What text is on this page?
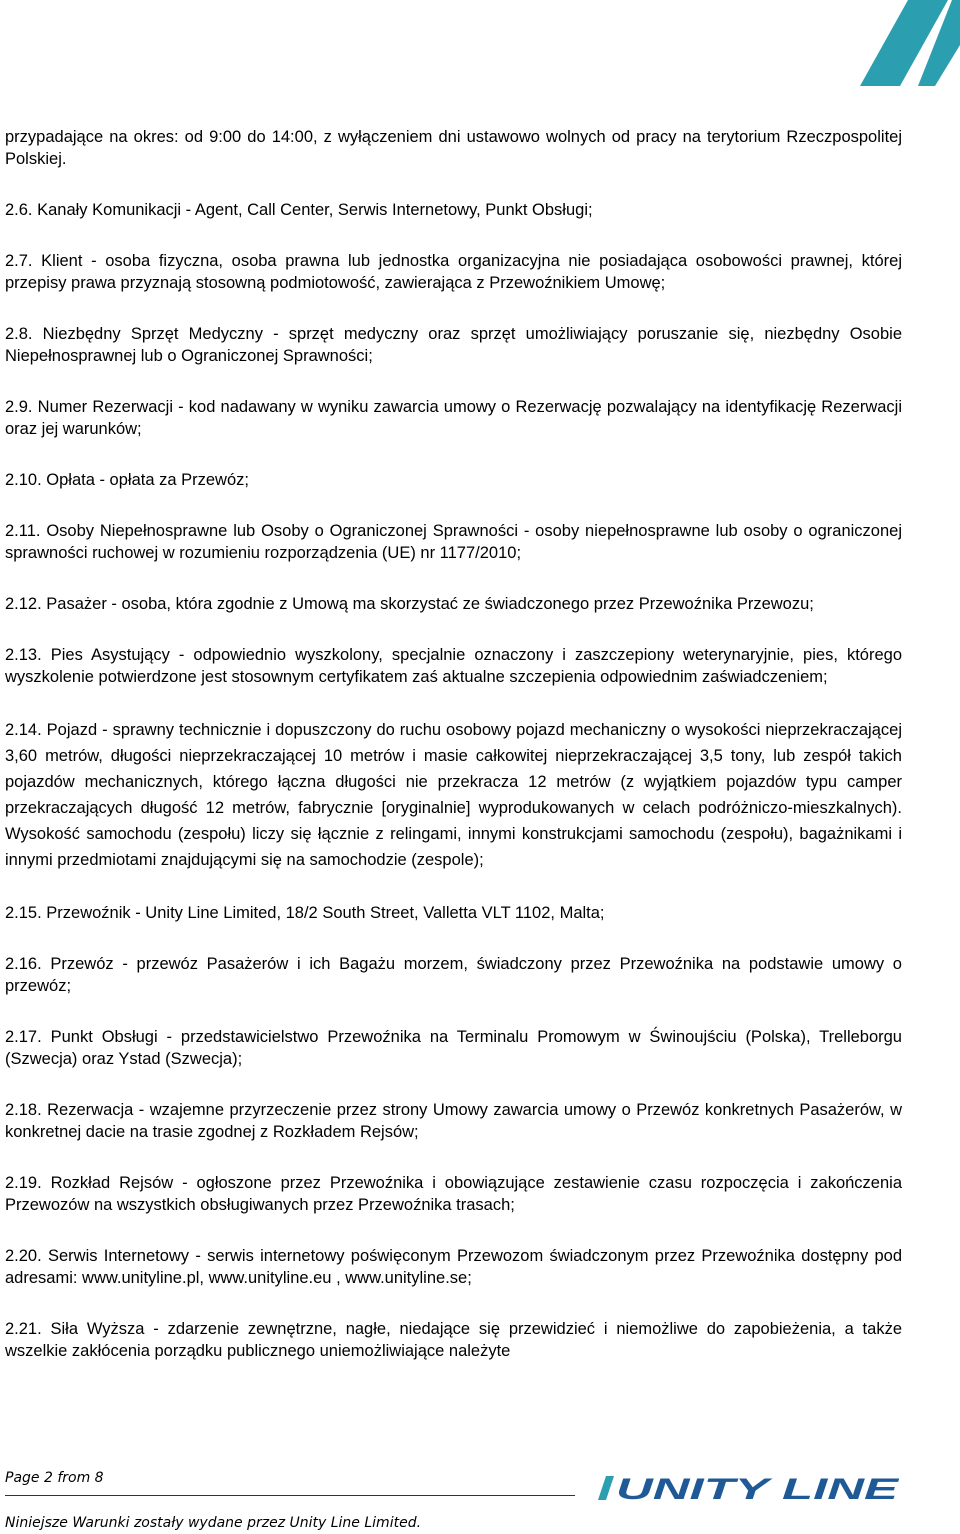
przypadające na okres: od 9:00 do 14:00, z wyłączeniem dni ustawowo wolnych od pracy na terytorium Rzeczpospolitej Polskiej.

2.6. Kanały Komunikacji - Agent, Call Center, Serwis Internetowy, Punkt Obsługi;

2.7. Klient - osoba fizyczna, osoba prawna lub jednostka organizacyjna nie posiadająca osobowości prawnej, której przepisy prawa przyznają stosowną podmiotowość, zawierająca z Przewoźnikiem Umowę;

2.8. Niezbędny Sprzęt Medyczny - sprzęt medyczny oraz sprzęt umożliwiający poruszanie się, niezbędny Osobie Niepełnosprawnej lub o Ograniczonej Sprawności;

2.9. Numer Rezerwacji - kod nadawany w wyniku zawarcia umowy o Rezerwację pozwalający na identyfikację Rezerwacji oraz jej warunków;

2.10. Opłata - opłata za Przewóz;

2.11. Osoby Niepełnosprawne lub Osoby o Ograniczonej Sprawności - osoby niepełnosprawne lub osoby o ograniczonej sprawności ruchowej w rozumieniu rozporządzenia (UE) nr 1177/2010;

2.12. Pasażer - osoba, która zgodnie z Umową ma skorzystać ze świadczonego przez Przewoźnika Przewozu;

2.13. Pies Asystujący - odpowiednio wyszkolony, specjalnie oznaczony i zaszczepiony weterynaryjnie, pies, którego wyszkolenie potwierdzone jest stosownym certyfikatem zaś aktualne szczepienia odpowiednim zaświadczeniem;

2.14. Pojazd - sprawny technicznie i dopuszczony do ruchu osobowy pojazd mechaniczny o wysokości nieprzekraczającej 3,60 metrów, długości nieprzekraczającej 10 metrów i masie całkowitej nieprzekraczającej 3,5 tony, lub zespół takich pojazdów mechanicznych, którego łączna długości nie przekracza 12 metrów (z wyjątkiem pojazdów typu camper przekraczających długość 12 metrów, fabrycznie [oryginalnie] wyprodukowanych w celach podróżniczo-mieszkalnych). Wysokość samochodu (zespołu) liczy się łącznie z relingami, innymi konstrukcjami samochodu (zespołu), bagażnikami i innymi przedmiotami znajdującymi się na samochodzie (zespole);

2.15. Przewoźnik - Unity Line Limited, 18/2 South Street, Valletta VLT 1102, Malta;

2.16. Przewóz - przewóz Pasażerów i ich Bagażu morzem, świadczony przez Przewoźnika na podstawie umowy o przewóz;

2.17. Punkt Obsługi - przedstawicielstwo Przewoźnika na Terminalu Promowym w Świnoujściu (Polska), Trelleborgu (Szwecja) oraz Ystad (Szwecja);

2.18. Rezerwacja - wzajemne przyrzeczenie przez strony Umowy zawarcia umowy o Przewóz konkretnych Pasażerów, w konkretnej dacie na trasie zgodnej z Rozkładem Rejsów;

2.19. Rozkład Rejsów - ogłoszone przez Przewoźnika i obowiązujące zestawienie czasu rozpoczęcia i zakończenia Przewozów na wszystkich obsługiwanych przez Przewoźnika trasach;

2.20. Serwis Internetowy - serwis internetowy poświęconym Przewozom świadczonym przez Przewoźnika dostępny pod adresami: www.unityline.pl, www.unityline.eu , www.unityline.se;

2.21. Siła Wyższa - zdarzenie zewnętrzne, nagłe, niedające się przewidzieć i niemożliwe do zapobieżenia, a także wszelkie zakłócenia porządku publicznego uniemożliwiające należyte

Page 2 from 8
Niniejsze Warunki zostały wydane przez Unity Line Limited.
UNITY LINE
